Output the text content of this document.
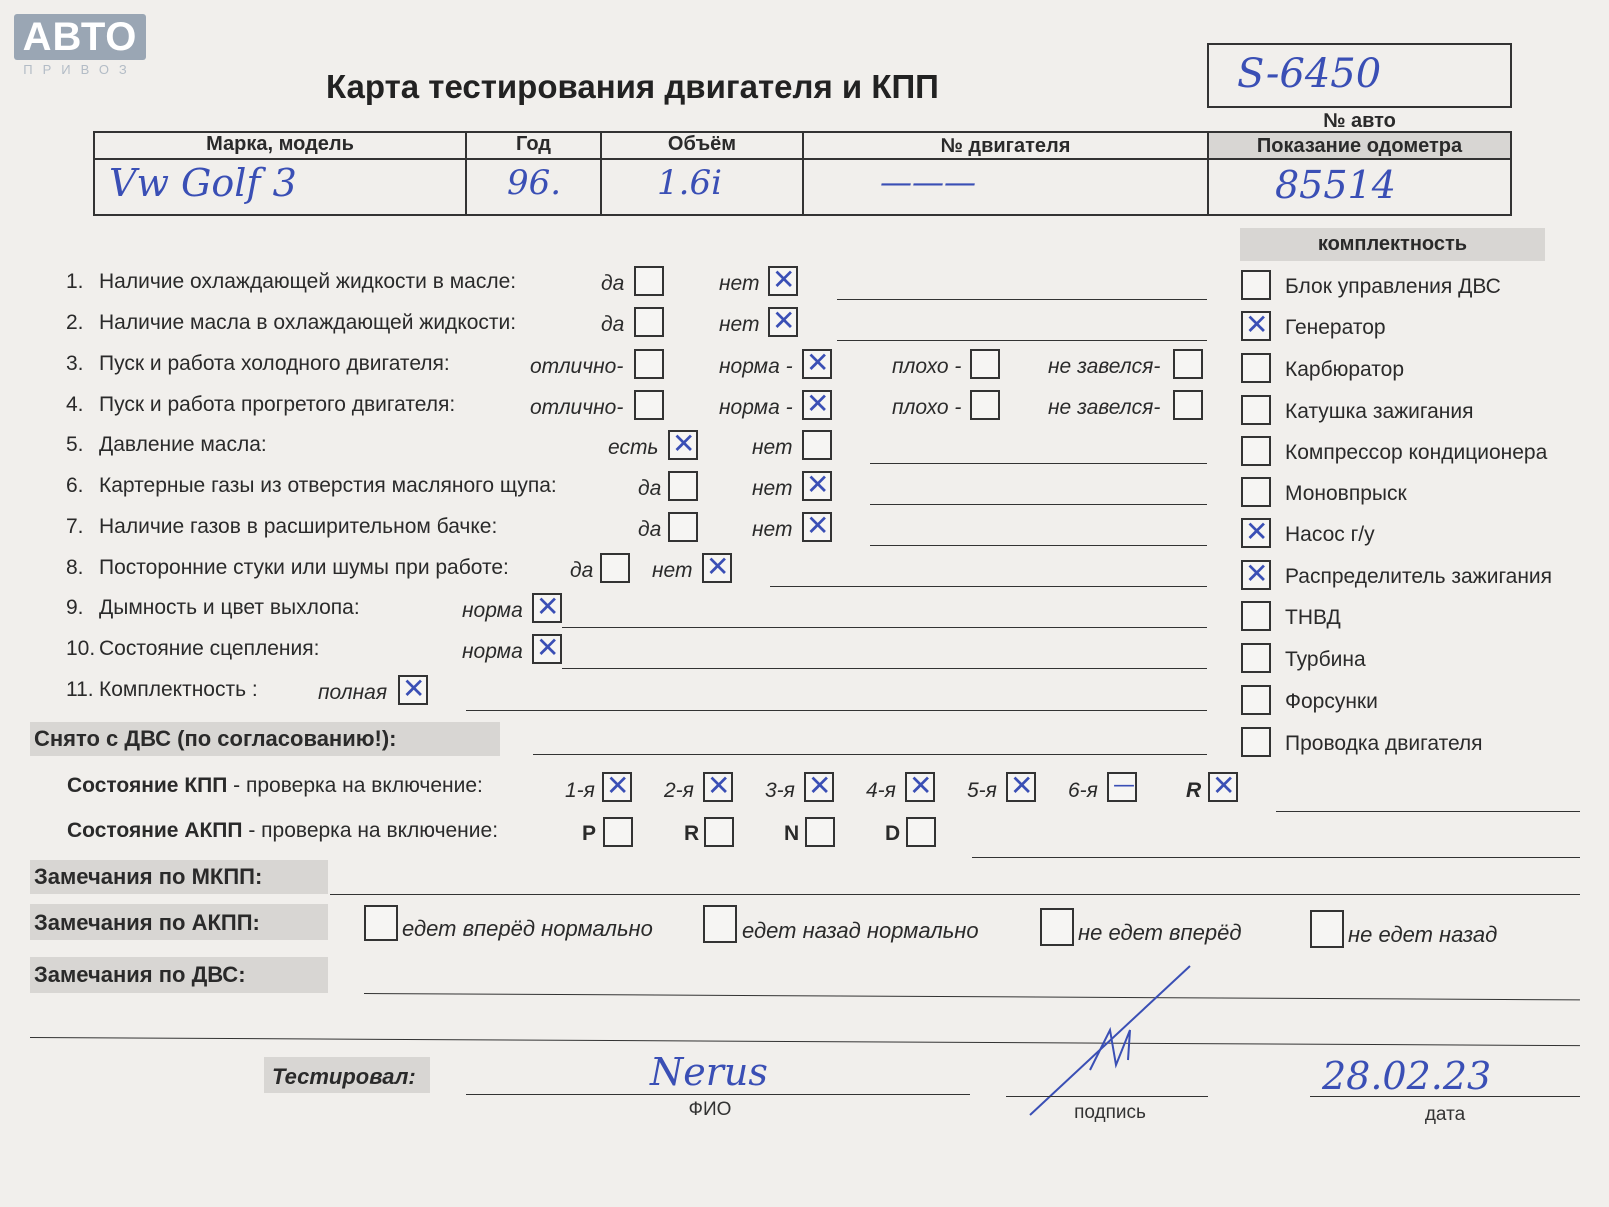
АВТО
ПРИВОЗ	Карта тестирования двигателя и КПП	S-6450
№ авто
Марка, модель	Год	Объём	№ двигателя	Показание одометра
Vw Golf 3	96.	1.6i	———	85514
комплектность
Блок управления ДВС
✕ Генератор
Карбюратор
Катушка зажигания
Компрессор кондиционера
Моновпрыск
✕ Насос г/у
✕ Распределитель зажигания
ТНВД
Турбина
Форсунки
Проводка двигателя
1. Наличие охлаждающей жидкости в масле:	да	нет ✕
2. Наличие масла в охлаждающей жидкости:	да	нет ✕
3. Пуск и работа холодного двигателя:	отлично-	норма - ✕	плохо -	не завелся-
4. Пуск и работа прогретого двигателя:	отлично-	норма - ✕	плохо -	не завелся-
5. Давление масла:	есть ✕	нет
6. Картерные газы из отверстия масляного щупа:	да	нет ✕
7. Наличие газов в расширительном бачке:	да	нет ✕
8. Посторонние стуки или шумы при работе:	да	нет ✕
9. Дымность и цвет выхлопа:	норма ✕
10. Состояние сцепления:	норма ✕
11. Комплектность :	полная ✕
Снято с ДВС (по согласованию!):
Состояние КПП - проверка на включение:	1-я ✕ 2-я ✕ 3-я ✕ 4-я ✕ 5-я ✕ 6-я — R ✕
Состояние АКПП - проверка на включение:	P	R	N	D
Замечания по МКПП:
Замечания по АКПП:	едет вперёд нормально	едет назад нормально	не едет вперёд	не едет назад
Замечания по ДВС:
Тестировал:	Nerus
ФИО	подпись
28.02.23
дата
